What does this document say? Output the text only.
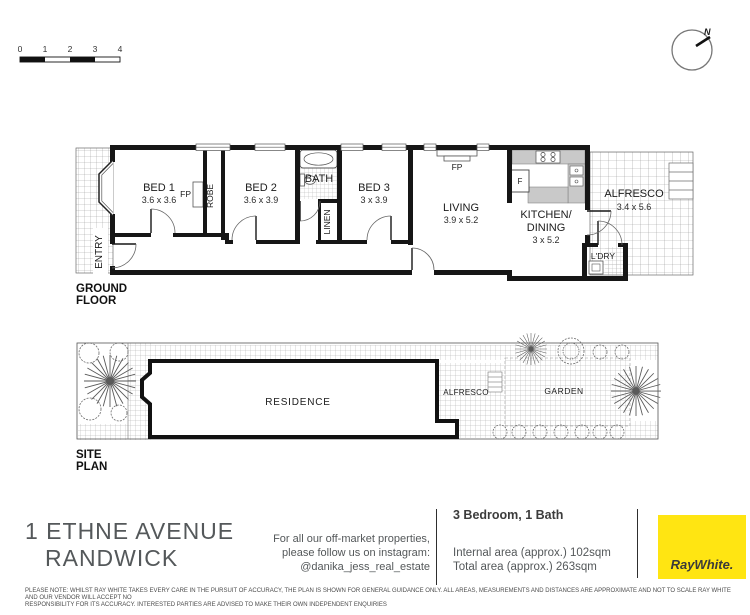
0 1 2 3 4
N
F
BED 1
3.6 x 3.6
FP ROBE	BED 2
3.6 x 3.9
BATH
LINEN
BED 3
3 x 3.9
LIVING
3.9 x 5.2
FP
KITCHEN/
DINING
3 x 5.2
ALFRESCO
3.4 x 5.6
L'DRY
ENTRY
GROUND
FLOOR
RESIDENCE
ALFRESCO	GARDEN
SITE
PLAN
1 ETHNE AVENUE
RANDWICK
For all our off-market properties,
please follow us on instagram:
@danika_jess_real_estate

3 Bedroom, 1 Bath

Internal area (approx.) 102sqm
Total area (approx.) 263sqm	RayWhite.
PLEASE NOTE: WHILST RAY WHITE TAKES EVERY CARE IN THE PURSUIT OF ACCURACY, THE PLAN IS SHOWN FOR GENERAL GUIDANCE ONLY. ALL AREAS, MEASUREMENTS AND DISTANCES ARE APPROXIMATE AND NOT TO SCALE RAY WHITE AND OUR VENDOR WILL ACCEPT NO
RESPONSIBILITY FOR ITS ACCURACY. INTERESTED PARTIES ARE ADVISED TO MAKE THEIR OWN INDEPENDENT ENQUIRIES
